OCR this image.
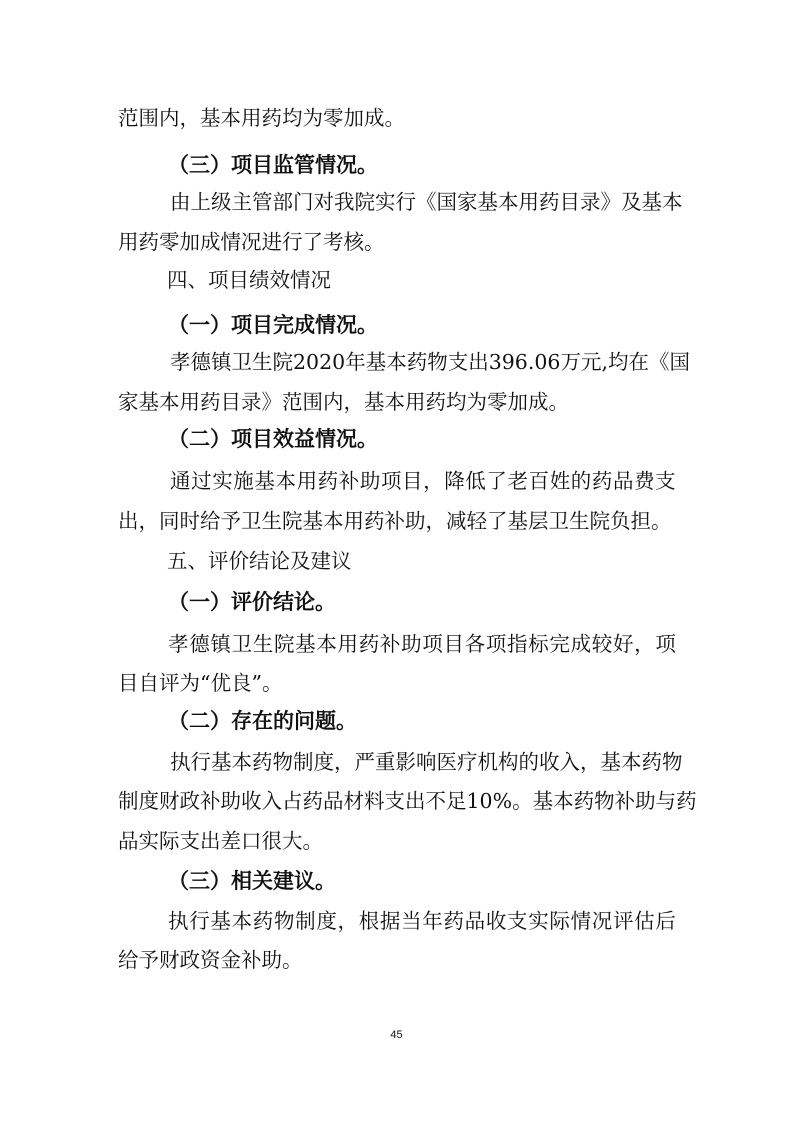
范围内，基本用药均为零加成。
（三）项目监管情况。
由 上 级 主 管 部 门 对 我 院 实 行 《 国 家 基 本 用 药 目 录 》 及 基 本
用药零加成情况进行了考核。
四、项目绩效情况
（一）项目完成情况。
孝 德 镇 卫 生 院 2 0 2 0 年 基 本 药 物 支 出 3 9 6 . 0 6 万 元 , 均 在 《 国
家基本用药目录》范围内，基本用药均为零加成。
（二）项目效益情况。
通 过 实 施 基 本 用 药 补 助 项 目 ， 降 低 了 老 百 姓 的 药 品 费 支
出，同时给予卫生院基本用药补助，减轻了基层卫生院负担。
五、评价结论及建议
（一）评价结论。
孝 德 镇 卫 生 院 基 本 用 药 补 助 项 目 各 项 指 标 完 成 较 好 ， 项
目自评为“优良”。
（二）存在的问题。
执 行 基 本 药 物 制 度 ， 严 重 影 响 医 疗 机 构 的 收 入 ， 基 本 药 物
制 度 财 政 补 助 收 入 占 药 品 材 料 支 出 不 足 1 0 % 。 基 本 药 物 补 助 与 药
品实际支出差口很大。
（三）相关建议。
执 行 基 本 药 物 制 度 ， 根 据 当 年 药 品 收 支 实 际 情 况 评 估 后
给予财政资金补助。
45
